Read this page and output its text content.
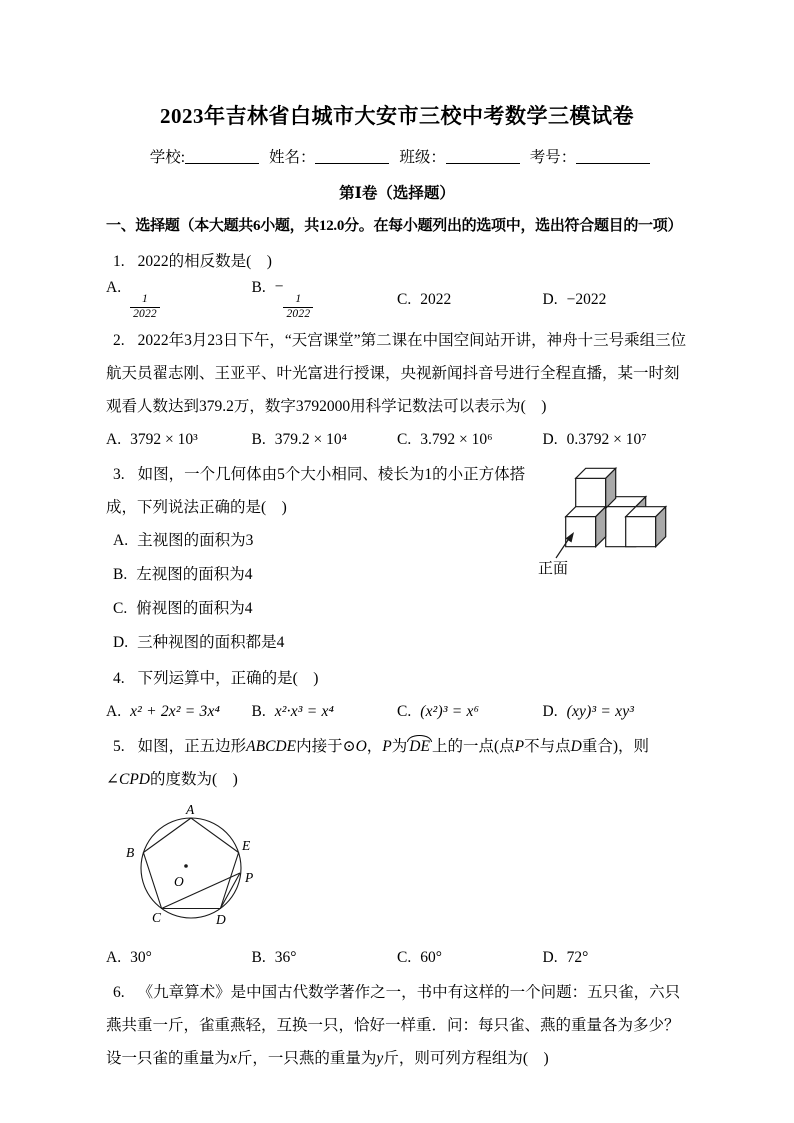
2023年吉林省白城市大安市三校中考数学三模试卷
学校:	姓名：	班级：	考号：
第Ⅰ卷（选择题）
一、选择题（本大题共6小题，共12.0分。在每小题列出的选项中，选出符合题目的一项）

1. 2022的相反数是(　)

A.
$\frac{1}{2022}$
B. −
$\frac{1}{2022}$	C. 2022	D. −2022

2. 2022年3月23日下午，“天宫课堂”第二课在中国空间站开讲，神舟十三号乘组三位航天员翟志刚、王亚平、叶光富进行授课，央视新闻抖音号进行全程直播，某一时刻观看人数达到379.2万，数字3792000用科学记数法可以表示为(　)

A. 3792 × 10³	B. 379.2 × 10⁴	C. 3.792 × 10⁶	D. 0.3792 × 10⁷
正面

3. 如图，一个几何体由5个大小相同、棱长为1的小正方体搭成，下列说法正确的是(　)

A. 主视图的面积为3

B. 左视图的面积为4

C. 俯视图的面积为4

D. 三种视图的面积都是4

4. 下列运算中，正确的是(　)

A. x² + 2x² = 3x⁴	B. x²·x³ = x⁴	C. (x²)³ = x⁶	D. (xy)³ = xy³

5. 如图，正五边形ABCDE内接于⊙O，P为 DE 上的一点(点P不与点D重合)，则∠CPD的度数为(　)

A
B
C	D
E
P
O
A. 30°	B. 36°	C. 60°	D. 72°

6. 《九章算术》是中国古代数学著作之一，书中有这样的一个问题：五只雀，六只燕共重一斤，雀重燕轻，互换一只，恰好一样重．问：每只雀、燕的重量各为多少？设一只雀的重量为x斤，一只燕的重量为y斤，则可列方程组为(　)
